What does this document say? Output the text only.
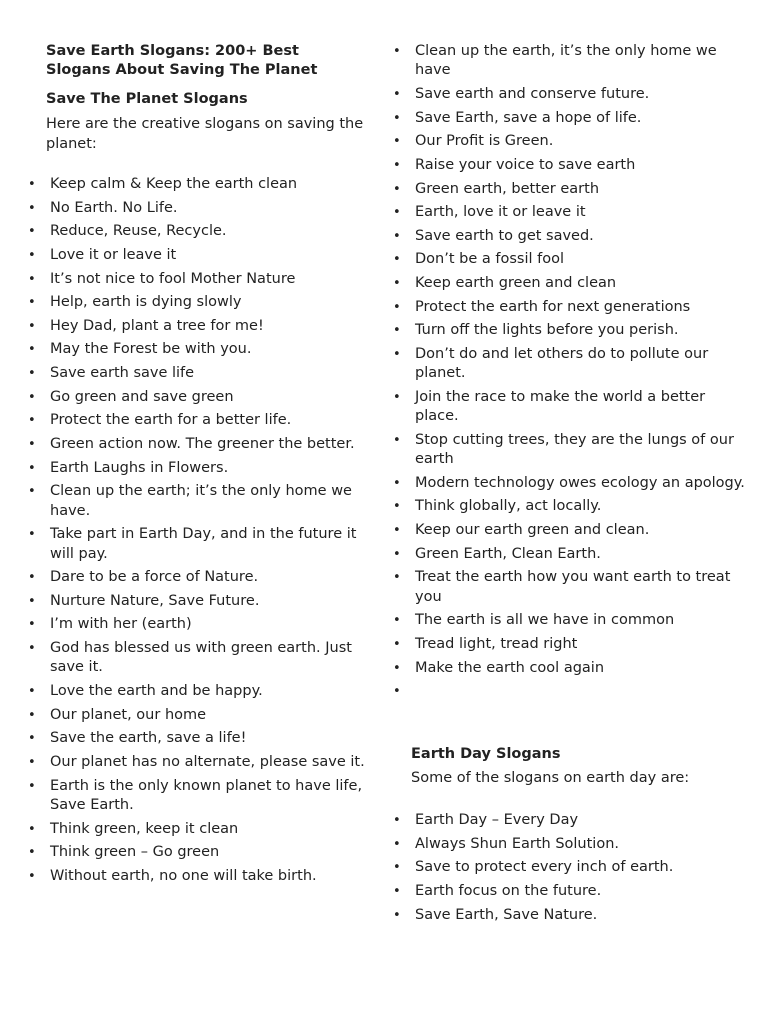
Save Earth Slogans: 200+ Best Slogans About Saving The Planet
Save The Planet Slogans

Here are the creative slogans on saving the planet:

• Keep calm & Keep the earth clean
• No Earth. No Life.
• Reduce, Reuse, Recycle.
• Love it or leave it
• It’s not nice to fool Mother Nature
• Help, earth is dying slowly
• Hey Dad, plant a tree for me!
• May the Forest be with you.
• Save earth save life
• Go green and save green
• Protect the earth for a better life.
• Green action now. The greener the better.
• Earth Laughs in Flowers.
• Clean up the earth; it’s the only home we have.
• Take part in Earth Day, and in the future it will pay.
• Dare to be a force of Nature.
• Nurture Nature, Save Future.
• I’m with her (earth)
• God has blessed us with green earth. Just save it.
• Love the earth and be happy.
• Our planet, our home
• Save the earth, save a life!
• Our planet has no alternate, please save it.
• Earth is the only known planet to have life, Save Earth.
• Think green, keep it clean
• Think green – Go green
• Without earth, no one will take birth.
• Clean up the earth, it’s the only home we have
• Save earth and conserve future.
• Save Earth, save a hope of life.
• Our Profit is Green.
• Raise your voice to save earth
• Green earth, better earth
• Earth, love it or leave it
• Save earth to get saved.
• Don’t be a fossil fool
• Keep earth green and clean
• Protect the earth for next generations
• Turn off the lights before you perish.
• Don’t do and let others do to pollute our planet.
• Join the race to make the world a better place.
• Stop cutting trees, they are the lungs of our earth
• Modern technology owes ecology an apology.
• Think globally, act locally.
• Keep our earth green and clean.
• Green Earth, Clean Earth.
• Treat the earth how you want earth to treat you
• The earth is all we have in common
• Tread light, tread right
• Make the earth cool again
•
Earth Day Slogans

Some of the slogans on earth day are:

• Earth Day – Every Day
• Always Shun Earth Solution.
• Save to protect every inch of earth.
• Earth focus on the future.
• Save Earth, Save Nature.
